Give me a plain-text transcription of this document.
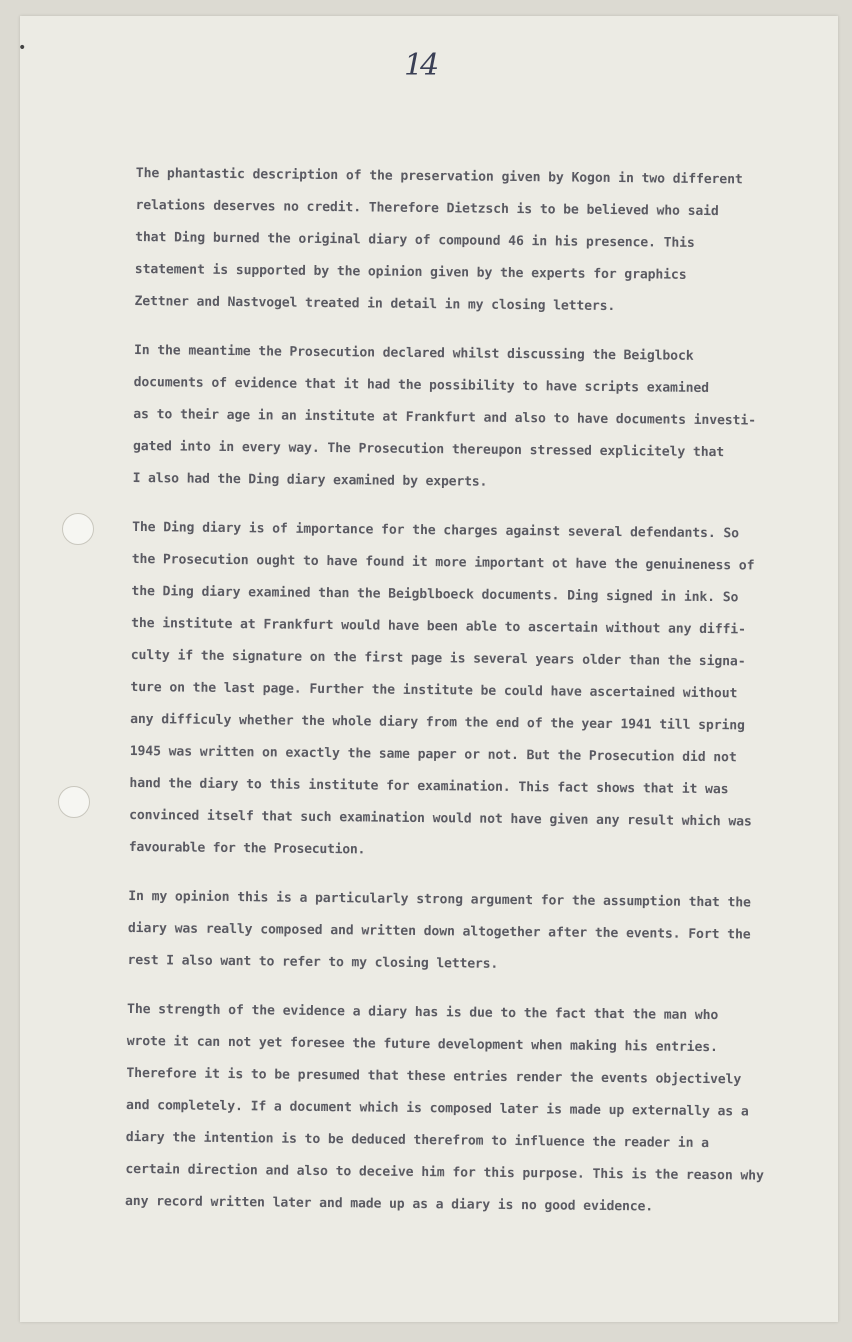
•	14
The phantastic description of the preservation given by Kogon in two different
relations deserves no credit. Therefore Dietzsch is to be believed who said
that Ding burned the original diary of compound 46 in his presence. This
statement is supported by the opinion given by the experts for graphics
Zettner and Nastvogel treated in detail in my closing letters.
In the meantime the Prosecution declared whilst discussing the Beiglbock
documents of evidence that it had the possibility to have scripts examined
as to their age in an institute at Frankfurt and also to have documents investi-
gated into in every way. The Prosecution thereupon stressed explicitely that
I also had the Ding diary examined by experts.
The Ding diary is of importance for the charges against several defendants. So
the Prosecution ought to have found it more important ot have the genuineness of
the Ding diary examined than the Beigblboeck documents. Ding signed in ink. So
the institute at Frankfurt would have been able to ascertain without any diffi-
culty if the signature on the first page is several years older than the signa-
ture on the last page. Further the institute be could have ascertained without
any difficuly whether the whole diary from the end of the year 1941 till spring
1945 was written on exactly the same paper or not. But the Prosecution did not
hand the diary to this institute for examination. This fact shows that it was
convinced itself that such examination would not have given any result which was
favourable for the Prosecution.
In my opinion this is a particularly strong argument for the assumption that the
diary was really composed and written down altogether after the events. Fort the
rest I also want to refer to my closing letters.
The strength of the evidence a diary has is due to the fact that the man who
wrote it can not yet foresee the future development when making his entries.
Therefore it is to be presumed that these entries render the events objectively
and completely. If a document which is composed later is made up externally as a
diary the intention is to be deduced therefrom to influence the reader in a
certain direction and also to deceive him for this purpose. This is the reason why
any record written later and made up as a diary is no good evidence.
